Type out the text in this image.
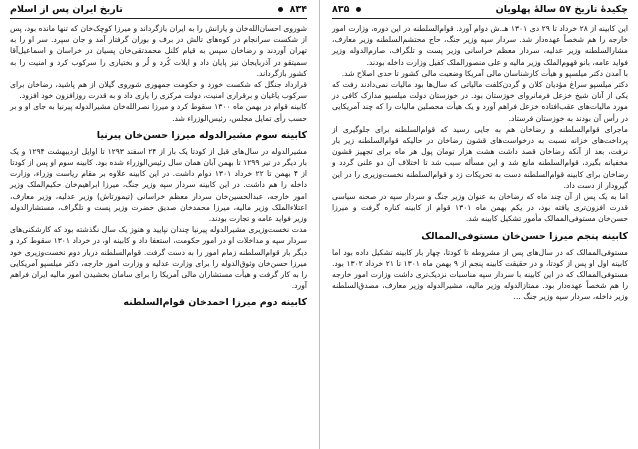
چکیدهٔ تاریخ ۵۷ سالهٔ پهلویان
۸۳۵

این کابینه از ۲۸ خرداد تا ۲۹ دی ۱۳۰۱ هـ.ش دوام آورد. قوام‌السلطنه در این دوره، وزارت امور خارجه را هم شخصاً عهده‌دار شد. سردار سپه وزیر جنگ، حاج محتشم‌السلطنه وزیر معارف، مشارالسلطنه وزیر عدلیه، سردار معظم خراسانی وزیر پست و تلگراف، صارم‌الدوله وزیر فواید عامه، بانو قهوم‌الملک وزیر مالیه و علی منصورالملک کفیل وزارت داخله بودند.

با آمدن دکتر میلسپو و هیأت کارشناسان مالی آمریکا وضعیت مالی کشور تا حدی اصلاح شد.

دکتر میلسپو سراغ مؤدیان کلان و گردن‌کلفت مالیاتی که سال‌ها بود مالیات نمی‌دادند رفت که یکی از آنان شیخ خزعل فرمانروای خوزستان بود. در خوزستان دولت میلسپو مدارک کافی در مورد مالیات‌های عقب‌افتاده خزعل فراهم آورد و یک هیأت محصلین مالیات را که چند آمریکایی در رأس آن بودند به خوزستان فرستاد.

ماجرای قوام‌السلطنه و رضاخان هم به جایی رسید که قوام‌السلطنه برای جلوگیری از پرداخت‌های خزانه نسبت به درخواست‌های قشون رضاخان در حالیکه قوام‌السلطنه زیر بار نرفت، بعد از آنکه رضاخان قصد داشت هشت هزار تومان پول هر ماه برای تجهیز قشون مخفیانه بگیرد، قوام‌السلطنه مانع شد و این مسأله سبب شد تا اختلاف آن دو علنی گردد و رضاخان برای کابینه قوام‌السلطنه دست به تحریکات زد و قوام‌السلطنه نخست‌وزیری را در این گیرودار از دست داد.

اما به یک پس از آن چند ماه که رضاخان به عنوان وزیر جنگ و سردار سپه در صحنه سیاسی قدرت افزون‌تری یافته بود، در یکم بهمن ماه ۱۳۰۱ قوام از کابینه کناره گرفت و میرزا حسن‌خان مستوفی‌الممالک مأمور تشکیل کابینه شد.

کابینه پنجم میرزا حسن‌خان مستوفی‌الممالک

مستوفی‌الممالک که در سال‌های پس از مشروطه تا کودتا، چهار بار کابینه تشکیل داده بود اما کابینه اول او پس از کودتا، و در حقیقت کابینه پنجم از ۹ بهمن ماه ۱۳۰۱ تا ۲۱ خرداد ۱۳۰۲ بود. مستوفی‌الممالک که در این کابینه با سردار سپه مناسبات نزدیک‌تری داشت وزارت امور خارجه را هم شخصاً عهده‌دار بود. ممتازالدوله وزیر مالیه، مشیرالدوله وزیر معارف، مصدق‌السلطنه وزیر داخله، سردار سپه وزیر جنگ ...

۸۳۴
تاریخ ایران پس از اسلام

شوروی احسان‌الله‌خان و یارانش را به ایران بازگرداند و میرزا کوچک‌خان که تنها مانده بود، پس از شکست سرانجام در کوه‌های تالش در برف و بوران گرفتار آمد و جان سپرد. سر او را به تهران آوردند و رضاخان سپس به قیام کلنل محمدتقی‌خان پسیان در خراسان و اسماعیل‌آقا سمیتقو در آذربایجان نیز پایان داد و ایلات کُرد و لُر و بختیاری را سرکوب کرد و امنیت را به کشور بازگرداند.

قرارداد جنگل که شکست خورد و حکومت جمهوری شوروی گیلان از هم پاشید، رضاخان برای سرکوب یاغیان و برقراری امنیت، دولت مرکزی را یاری داد و به قدرت روزافزون خود افزود.

کابینه قوام در بهمن ماه ۱۳۰۰ سقوط کرد و میرزا نصرالله‌خان مشیرالدوله پیرنیا به جای او و بر حسب رأی تمایل مجلس، رئیس‌الوزراء شد.

کابینه سوم مشیرالدوله میرزا حسن‌خان پیرنیا

مشیرالدوله در سال‌های قبل از کودتا یک بار از ۲۴ اسفند ۱۲۹۳ تا اوایل اردیبهشت ۱۲۹۴ و یک بار دیگر در تیر ۱۲۹۹ تا بهمن آبان همان سال رئیس‌الوزراء شده بود. کابینه سوم او پس از کودتا از ۴ بهمن تا ۲۲ خرداد ۱۳۰۱ دوام داشت. در این کابینه علاوه بر مقام ریاست وزراء، وزارت داخله را هم داشت. در این کابینه سردار سپه وزیر جنگ، میرزا ابراهیم‌خان حکیم‌الملک وزیر امور خارجه، عبدالحسین‌خان سردار معظم خراسانی (تیمورتاش) وزیر عدلیه، وزیر معارف، اعتلاءالملک وزیر مالیه، میرزا محمدخان صدیق حضرت وزیر پست و تلگراف، مستشارالدوله وزیر فواید عامه و تجارت بودند.

مدت نخست‌وزیری مشیرالدوله پیرنیا چندان نپایید و هنوز یک سال نگذشته بود که کارشکنی‌های سردار سپه و مداخلات او در امور حکومت، استعفا داد و کابینه او، در خرداد ۱۳۰۱ سقوط کرد و دیگر بار قوام‌السلطنه زمام امور را به دست گرفت. قوام‌السلطنه دربار دوم نخست‌وزیری خود میرزا حسن‌خان وثوق‌الدوله را برای وزارت عدلیه و وزارت امور خارجه، دکتر میلسپو آمریکایی را به کار گرفت و هیأت مستشاران مالی آمریکا را برای سامان بخشیدن امور مالیه ایران فراهم آورد.

کابینه دوم میرزا احمدخان قوام‌السلطنه
